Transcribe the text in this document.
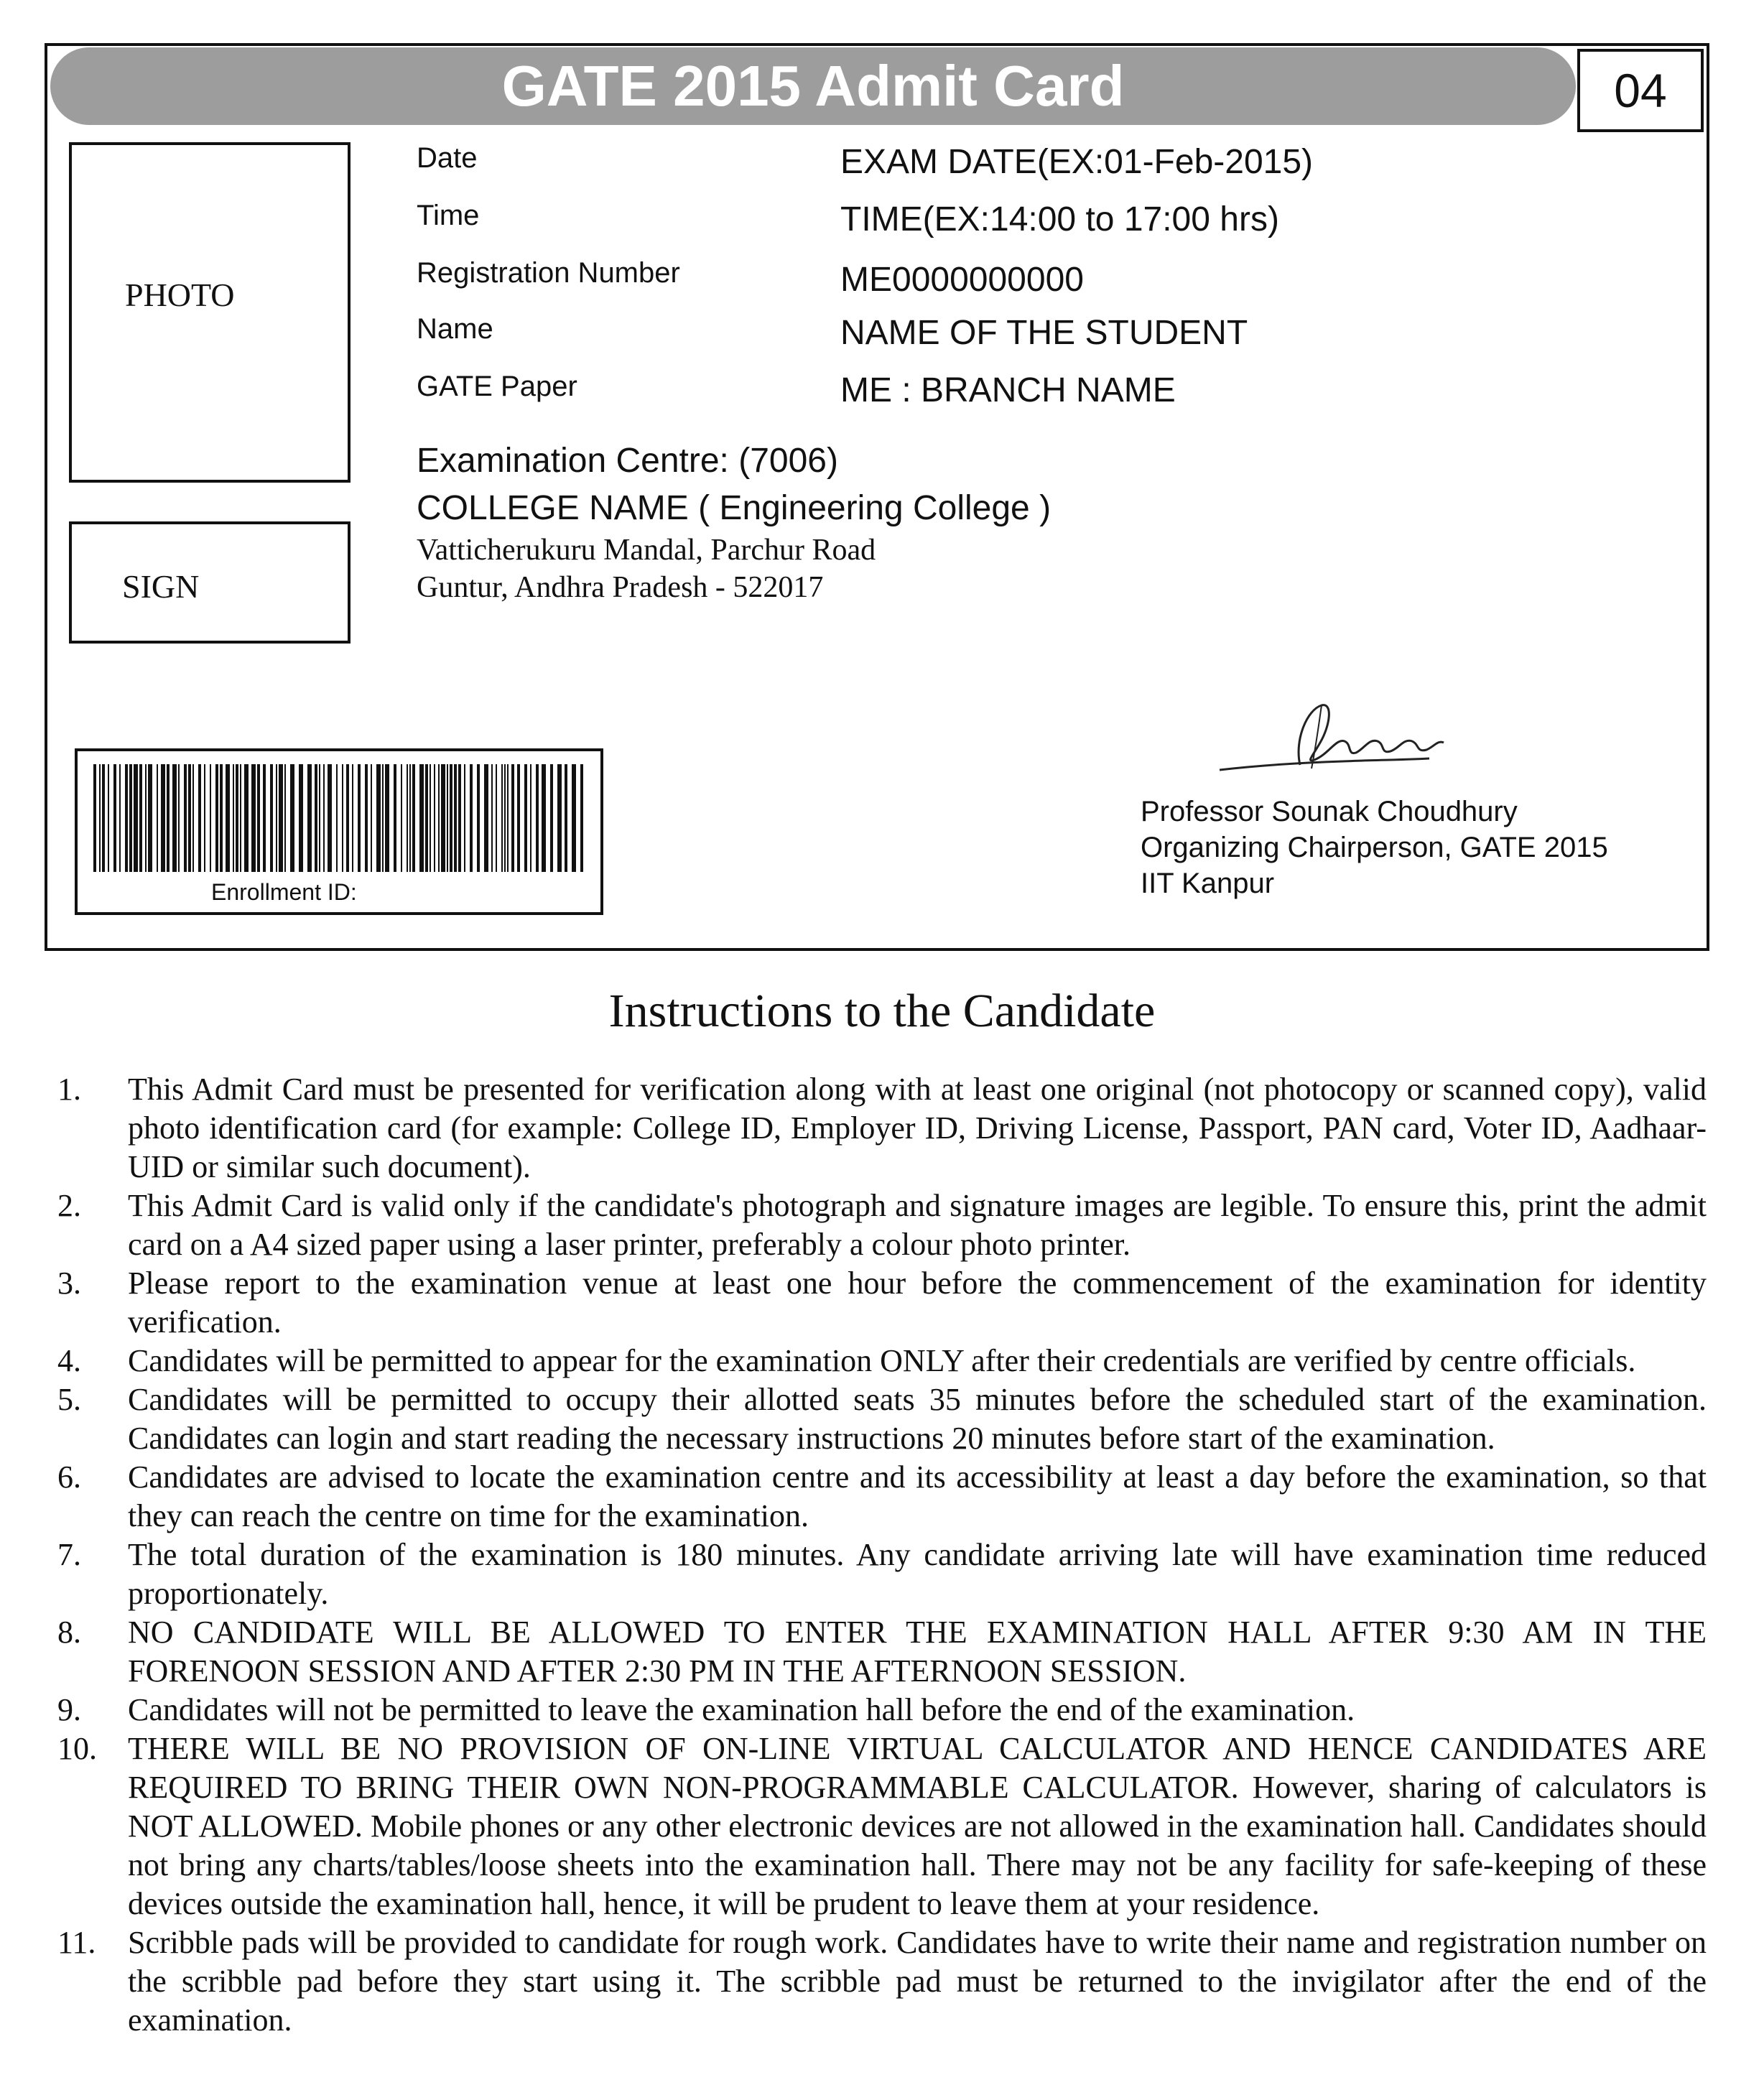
GATE 2015 Admit Card	04
PHOTO
SIGN
Date	EXAM DATE(EX:01-Feb-2015)
Time	TIME(EX:14:00 to 17:00 hrs)
Registration Number	ME0000000000
Name	NAME OF THE STUDENT
GATE Paper	ME : BRANCH NAME
Examination Centre: (7006)
COLLEGE NAME ( Engineering College )
Vatticherukuru Mandal, Parchur Road
Guntur, Andhra Pradesh - 522017
Enrollment ID:
Professor Sounak Choudhury
Organizing Chairperson, GATE 2015
IIT Kanpur
Instructions to the Candidate
1.	This Admit Card must be presented for verification along with at least one original (not photocopy or scanned copy), valid photo identification card (for example: College ID, Employer ID, Driving License, Passport, PAN card, Voter ID, Aadhaar-UID or similar such document).
2.	This Admit Card is valid only if the candidate's photograph and signature images are legible. To ensure this, print the admit card on a A4 sized paper using a laser printer, preferably a colour photo printer.
3.	Please report to the examination venue at least one hour before the commencement of the examination for identity verification.
4.	Candidates will be permitted to appear for the examination ONLY after their credentials are verified by centre officials.
5.	Candidates will be permitted to occupy their allotted seats 35 minutes before the scheduled start of the examination. Candidates can login and start reading the necessary instructions 20 minutes before start of the examination.
6.	Candidates are advised to locate the examination centre and its accessibility at least a day before the examination, so that they can reach the centre on time for the examination.
7.	The total duration of the examination is 180 minutes. Any candidate arriving late will have examination time reduced proportionately.
8.	NO CANDIDATE WILL BE ALLOWED TO ENTER THE EXAMINATION HALL AFTER 9:30 AM IN THE FORENOON SESSION AND AFTER 2:30 PM IN THE AFTERNOON SESSION.
9.	Candidates will not be permitted to leave the examination hall before the end of the examination.
10. THERE WILL BE NO PROVISION OF ON-LINE VIRTUAL CALCULATOR AND HENCE CANDIDATES ARE REQUIRED TO BRING THEIR OWN NON-PROGRAMMABLE CALCULATOR. However, sharing of calculators is NOT ALLOWED. Mobile phones or any other electronic devices are not allowed in the examination hall. Candidates should not bring any charts/tables/loose sheets into the examination hall. There may not be any facility for safe-keeping of these devices outside the examination hall, hence, it will be prudent to leave them at your residence.
11.	Scribble pads will be provided to candidate for rough work. Candidates have to write their name and registration number on the scribble pad before they start using it. The scribble pad must be returned to the invigilator after the end of the examination.
